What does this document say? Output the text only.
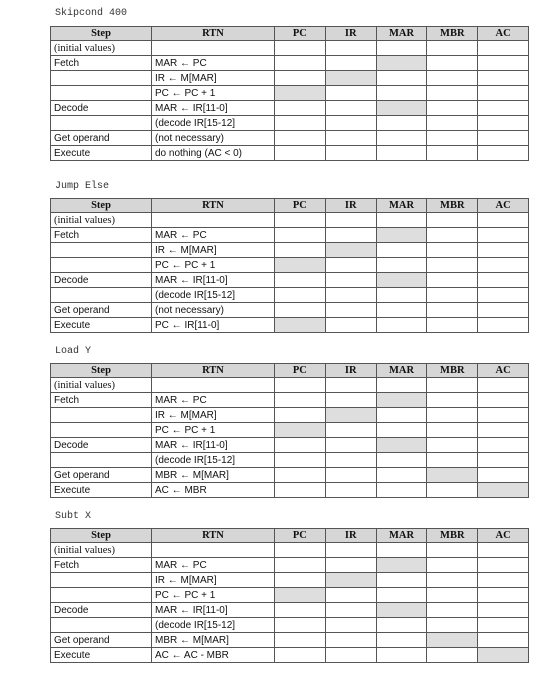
Skipcond 400
Step	RTN	PC	IR	MAR	MBR	AC
(initial values)						
Fetch	MAR ← PC					
	IR ← M[MAR]					
	PC ← PC + 1					
Decode	MAR ← IR[11-0]					
	(decode IR[15-12]					
Get operand	(not necessary)					
Execute	do nothing (AC < 0)					
Jump Else
Step	RTN	PC	IR	MAR	MBR	AC
(initial values)						
Fetch	MAR ← PC					
	IR ← M[MAR]					
	PC ← PC + 1					
Decode	MAR ← IR[11-0]					
	(decode IR[15-12]					
Get operand	(not necessary)					
Execute	PC ← IR[11-0]					
Load Y
Step	RTN	PC	IR	MAR	MBR	AC
(initial values)						
Fetch	MAR ← PC					
	IR ← M[MAR]					
	PC ← PC + 1					
Decode	MAR ← IR[11-0]					
	(decode IR[15-12]					
Get operand	MBR ← M[MAR]					
Execute	AC ← MBR					
Subt X
Step	RTN	PC	IR	MAR	MBR	AC
(initial values)						
Fetch	MAR ← PC					
	IR ← M[MAR]					
	PC ← PC + 1					
Decode	MAR ← IR[11-0]					
	(decode IR[15-12]					
Get operand	MBR ← M[MAR]					
Execute	AC ← AC - MBR					
